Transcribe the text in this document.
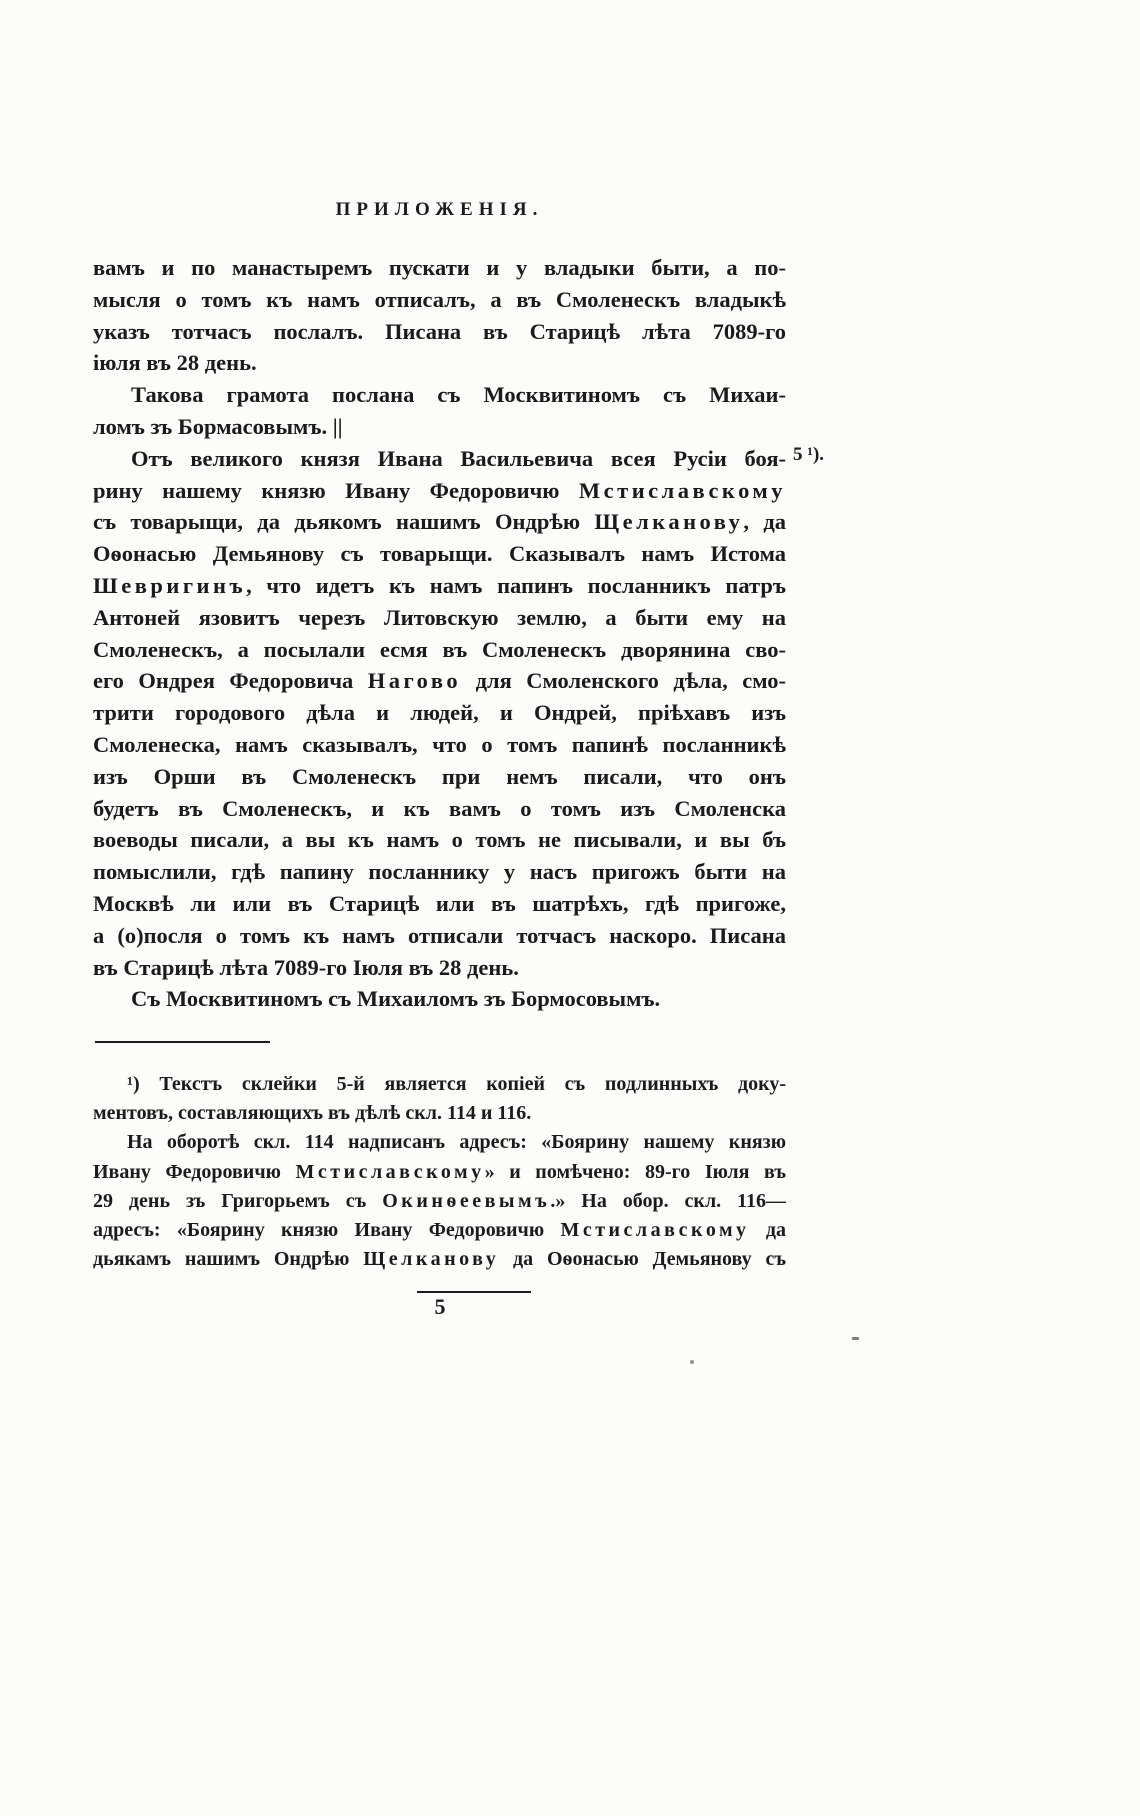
ПРИЛОЖЕНІЯ.
вамъ и по манастыремъ пускати и у владыки быти, а по-
мысля о томъ къ намъ отписалъ, а въ Смоленескъ владыкѣ
указъ тотчасъ послалъ. Писана въ Старицѣ лѣта 7089-го
іюля въ 28 день.
Такова грамота послана съ Москвитиномъ съ Михаи-
ломъ зъ Бормасовымъ. ||
Отъ великого князя Ивана Васильевича всея Русіи боя-
рину нашему князю Ивану Федоровичю Мстиславскому
съ товарыщи, да дьякомъ нашимъ Ондрѣю Щелканову, да
Оѳонасью Демьянову съ товарыщи. Сказывалъ намъ Истома
Шевригинъ, что идетъ къ намъ папинъ посланникъ патръ
Антоней язовитъ черезъ Литовскую землю, а быти ему на
Смоленескъ, а посылали есмя въ Смоленескъ дворянина сво-
его Ондрея Федоровича Нагово для Смоленского дѣла, смо-
трити городового дѣла и людей, и Ондрей, пріѣхавъ изъ
Смоленеска, намъ сказывалъ, что о томъ папинѣ посланникѣ
изъ Орши въ Смоленескъ при немъ писали, что онъ
будетъ въ Смоленескъ, и къ вамъ о томъ изъ Смоленска
воеводы писали, а вы къ намъ о томъ не писывали, и вы бъ
помыслили, гдѣ папину посланнику у насъ пригожъ быти на
Москвѣ ли или въ Старицѣ или въ шатрѣхъ, гдѣ пригоже,
а (о)посля о томъ къ намъ отписали тотчасъ наскоро. Писана
въ Старицѣ лѣта 7089-го Іюля въ 28 день.
Съ Москвитиномъ съ Михаиломъ зъ Бормосовымъ.
5 ¹).
¹) Текстъ склейки 5-й является копіей съ подлинныхъ доку-
ментовъ, составляющихъ въ дѣлѣ скл. 114 и 116.
На оборотѣ скл. 114 надписанъ адресъ: «Боярину нашему князю
Ивану Федоровичю Мстиславскому» и помѣчено: 89-го Іюля въ
29 день зъ Григорьемъ съ Окинѳеевымъ.» На обор. скл. 116—
адресъ: «Боярину князю Ивану Федоровичю Мстиславскому да
дьякамъ нашимъ Ондрѣю Щелканову да Оѳонасью Демьянову съ
5
